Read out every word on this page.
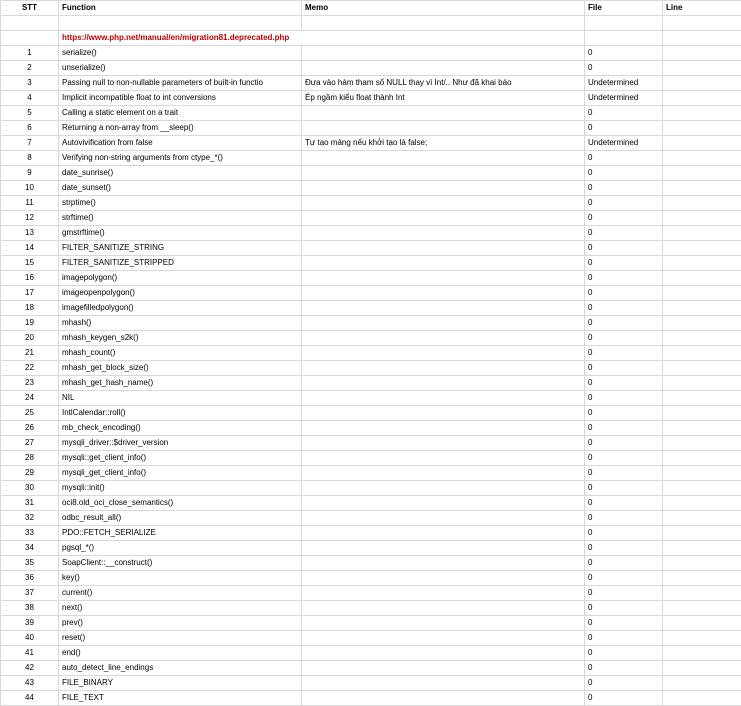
STT	Function	Memo	File	Line

	https://www.php.net/manual/en/migration81.deprecated.php			
1	serialize()		0	
2	unserialize()		0	
3	Passing null to non-nullable parameters of built-in functio	Đưa vào hàm tham số NULL thay vì Int/.. Như đã khai báo	Undetermined	
4	Implicit incompatible float to int conversions	Ép ngầm kiểu float thành Int	Undetermined	
5	Calling a static element on a trait		0	
6	Returning a non-array from __sleep()		0	
7	Autovivification from false	Tự tạo mảng nếu khởi tạo là false;	Undetermined	
8	Verifying non-string arguments from ctype_*()		0	
9	date_sunrise()		0	
10	date_sunset()		0	
11	strptime()		0	
12	strftime()		0	
13	gmstrftime()		0	
14	FILTER_SANITIZE_STRING		0	
15	FILTER_SANITIZE_STRIPPED		0	
16	imagepolygon()		0	
17	imageopenpolygon()		0	
18	imagefilledpolygon()		0	
19	mhash()		0	
20	mhash_keygen_s2k()		0	
21	mhash_count()		0	
22	mhash_get_block_size()		0	
23	mhash_get_hash_name()		0	
24	NIL		0	
25	IntlCalendar::roll()		0	
26	mb_check_encoding()		0	
27	mysqli_driver::$driver_version		0	
28	mysqli::get_client_info()		0	
29	mysqli_get_client_info()		0	
30	mysqli::init()		0	
31	oci8.old_oci_close_semantics()		0	
32	odbc_result_all()		0	
33	PDO::FETCH_SERIALIZE		0	
34	pgsql_*()		0	
35	SoapClient::__construct()		0	
36	key()		0	
37	current()		0	
38	next()		0	
39	prev()		0	
40	reset()		0	
41	end()		0	
42	auto_detect_line_endings		0	
43	FILE_BINARY		0	
44	FILE_TEXT		0	
